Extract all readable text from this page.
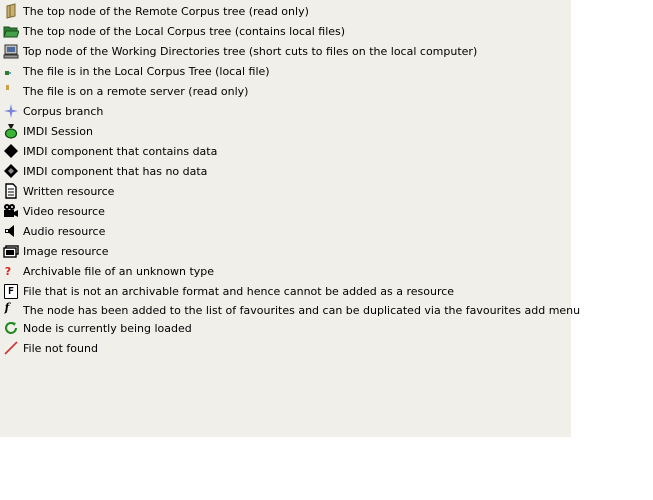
The top node of the Remote Corpus tree (read only)
The top node of the Local Corpus tree (contains local files)
Top node of the Working Directories tree (short cuts to files on the local computer)
The file is in the Local Corpus Tree (local file)
The file is on a remote server (read only)
Corpus branch
IMDI Session
IMDI component that contains data
IMDI component that has no data
Written resource
Video resource
Audio resource
Image resource
? Archivable file of an unknown type
F File that is not an archivable format and hence cannot be added as a resource
f The node has been added to the list of favourites and can be duplicated via the favourites add menu
Node is currently being loaded
File not found
